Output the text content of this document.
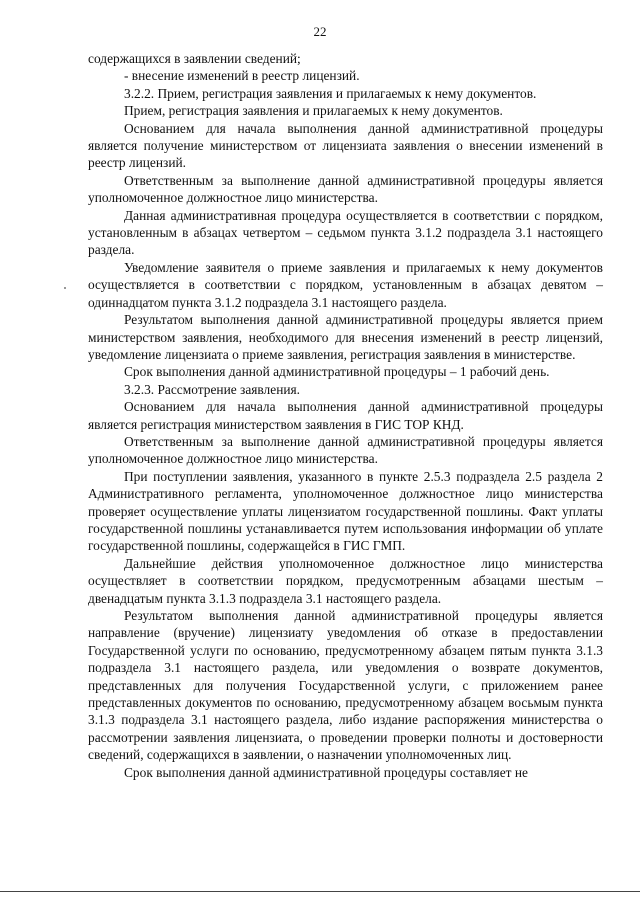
22

содержащихся в заявлении сведений;

- внесение изменений в реестр лицензий.

3.2.2. Прием, регистрация заявления и прилагаемых к нему документов.

Прием, регистрация заявления и прилагаемых к нему документов.

Основанием для начала выполнения данной административной процедуры является получение министерством от лицензиата заявления о внесении изменений в реестр лицензий.

Ответственным за выполнение данной административной процедуры является уполномоченное должностное лицо министерства.

Данная административная процедура осуществляется в соответствии с порядком, установленным в абзацах четвертом – седьмом пункта 3.1.2 подраздела 3.1 настоящего раздела.

Уведомление заявителя о приеме заявления и прилагаемых к нему документов осуществляется в соответствии с порядком, установленным в абзацах девятом – одиннадцатом пункта 3.1.2 подраздела 3.1 настоящего раздела.

Результатом выполнения данной административной процедуры является прием министерством заявления, необходимого для внесения изменений в реестр лицензий, уведомление лицензиата о приеме заявления, регистрация заявления в министерстве.

Срок выполнения данной административной процедуры – 1 рабочий день.

3.2.3. Рассмотрение заявления.

Основанием для начала выполнения данной административной процедуры является регистрация министерством заявления в ГИС ТОР КНД.

Ответственным за выполнение данной административной процедуры является уполномоченное должностное лицо министерства.

При поступлении заявления, указанного в пункте 2.5.3 подраздела 2.5 раздела 2 Административного регламента, уполномоченное должностное лицо министерства проверяет осуществление уплаты лицензиатом государственной пошлины. Факт уплаты государственной пошлины устанавливается путем использования информации об уплате государственной пошлины, содержащейся в ГИС ГМП.

Дальнейшие действия уполномоченное должностное лицо министерства осуществляет в соответствии порядком, предусмотренным абзацами шестым – двенадцатым пункта 3.1.3 подраздела 3.1 настоящего раздела.

Результатом выполнения данной административной процедуры является направление (вручение) лицензиату уведомления об отказе в предоставлении Государственной услуги по основанию, предусмотренному абзацем пятым пункта 3.1.3 подраздела 3.1 настоящего раздела, или уведомления о возврате документов, представленных для получения Государственной услуги, с приложением ранее представленных документов по основанию, предусмотренному абзацем восьмым пункта 3.1.3 подраздела 3.1 настоящего раздела, либо издание распоряжения министерства о рассмотрении заявления лицензиата, о проведении проверки полноты и достоверности сведений, содержащихся в заявлении, о назначении уполномоченных лиц.

Срок выполнения данной административной процедуры составляет не
